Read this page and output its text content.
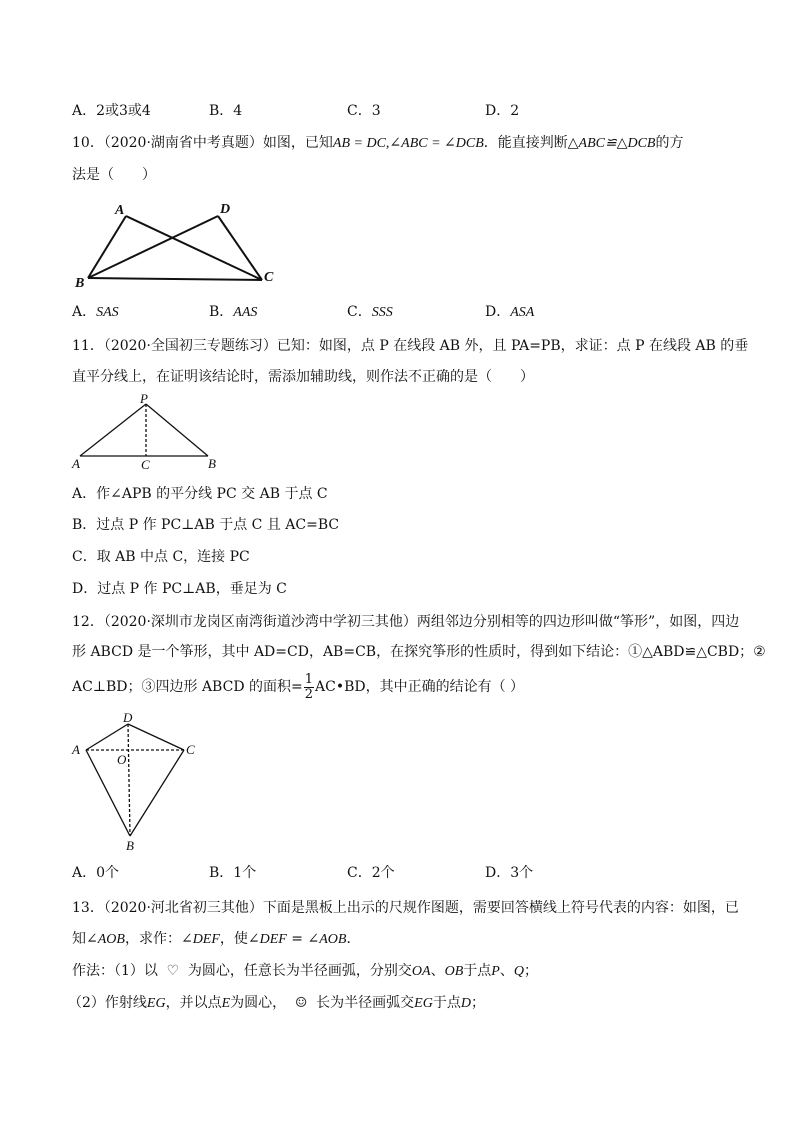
A．2或3或4	B．4	C．3	D．2
10．（2020·湖南省中考真题）如图，已知AB = DC,∠ABC = ∠DCB．能直接判断△ABC≌△DCB的方
法是（　　）
A	D
B	C
A．SAS	B．AAS	C．SSS	D．ASA
11．（2020·全国初三专题练习）已知：如图，点 P 在线段 AB 外，且 PA=PB，求证：点 P 在线段 AB 的垂
直平分线上，在证明该结论时，需添加辅助线，则作法不正确的是（　　）
P
A	C	B
A．作∠APB 的平分线 PC 交 AB 于点 C
B．过点 P 作 PC⊥AB 于点 C 且 AC=BC
C．取 AB 中点 C，连接 PC
D．过点 P 作 PC⊥AB，垂足为 C
12．（2020·深圳市龙岗区南湾街道沙湾中学初三其他）两组邻边分别相等的四边形叫做“筝形”，如图，四边
形 ABCD 是一个筝形，其中 AD=CD，AB=CB，在探究筝形的性质时，得到如下结论：①△ABD≌△CBD；②
AC⊥BD；③四边形 ABCD 的面积= $\frac{1}{2}$ AC•BD，其中正确的结论有（ ）
D
A
O
C
B
A．0个	B．1个	C．2个	D．3个
13．（2020·河北省初三其他）下面是黑板上出示的尺规作图题，需要回答横线上符号代表的内容：如图，已
知∠AOB，求作：∠DEF，使∠DEF = ∠AOB．
作法：（1）以 ♡ 为圆心，任意长为半径画弧，分别交OA、OB于点P、Q；
（2）作射线EG，并以点E为圆心， ☺ 长为半径画弧交EG于点D；
